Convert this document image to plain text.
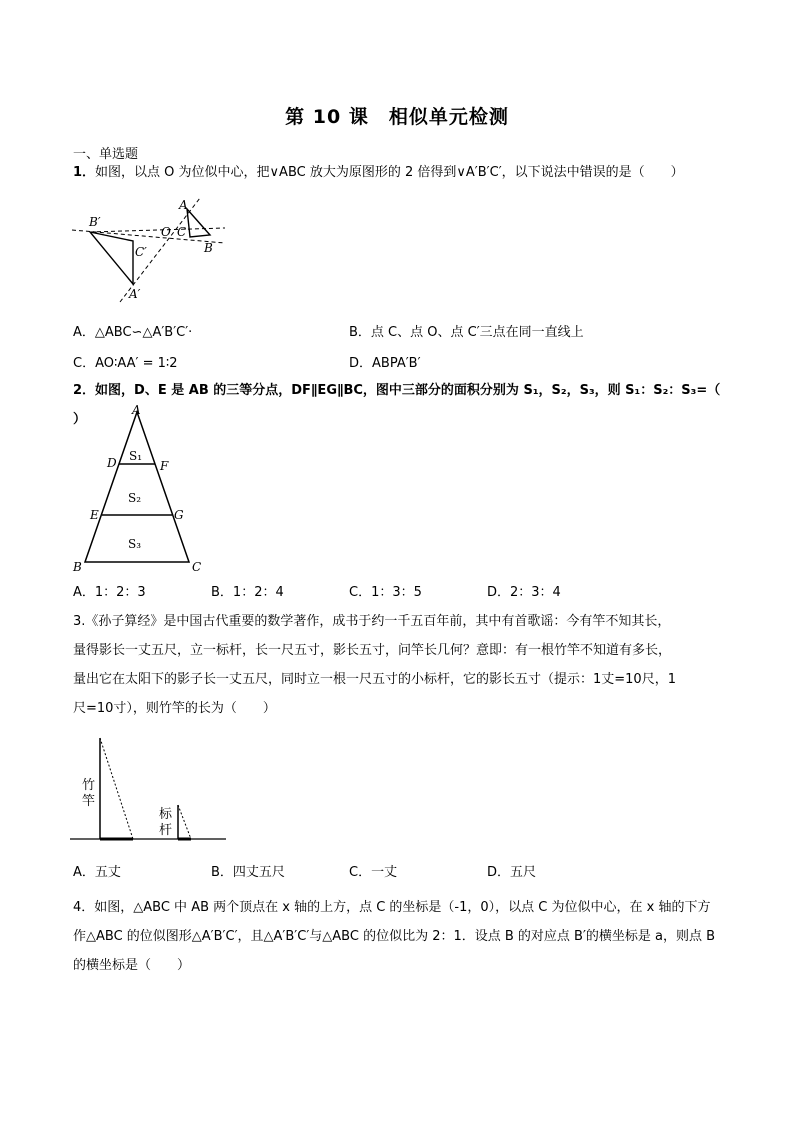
第 10 课　相似单元检测
一、单选题
1．如图，以点 O 为位似中心，把∨ABC 放大为原图形的 2 倍得到∨A′B′C′，以下说法中错误的是（　　）
B′
O C
A
B
C′
A′
A．△ABC∽△A′B′C′·	B．点 C、点 O、点 C′三点在同一直线上
C．AO∶AA′ = 1∶2	D．ABPA′B′
2．如图，D、E 是 AB 的三等分点，DF∥EG∥BC，图中三部分的面积分别为 S₁，S₂，S₃，则 S₁：S₂：S₃=（ ）
A
D	F
E	G
B	C
S₁
S₂
S₃
A．1：2：3	B．1：2：4	C．1：3：5	D．2：3：4
3.《孙子算经》是中国古代重要的数学著作，成书于约一千五百年前，其中有首歌谣：今有竿不知其长，
量得影长一丈五尺，立一标杆，长一尺五寸，影长五寸，问竿长几何？意即：有一根竹竿不知道有多长，
量出它在太阳下的影子长一丈五尺，同时立一根一尺五寸的小标杆，它的影长五寸（提示：1丈=10尺，1
尺=10寸），则竹竿的长为（　　）
竹
竿
标
杆
A．五丈	B．四丈五尺	C．一丈	D．五尺
4．如图，△ABC 中 AB 两个顶点在 x 轴的上方，点 C 的坐标是（-1，0），以点 C 为位似中心，在 x 轴的下方
作△ABC 的位似图形△A′B′C′，且△A′B′C′与△ABC 的位似比为 2：1．设点 B 的对应点 B′的横坐标是 a，则点 B
的横坐标是（　　）
